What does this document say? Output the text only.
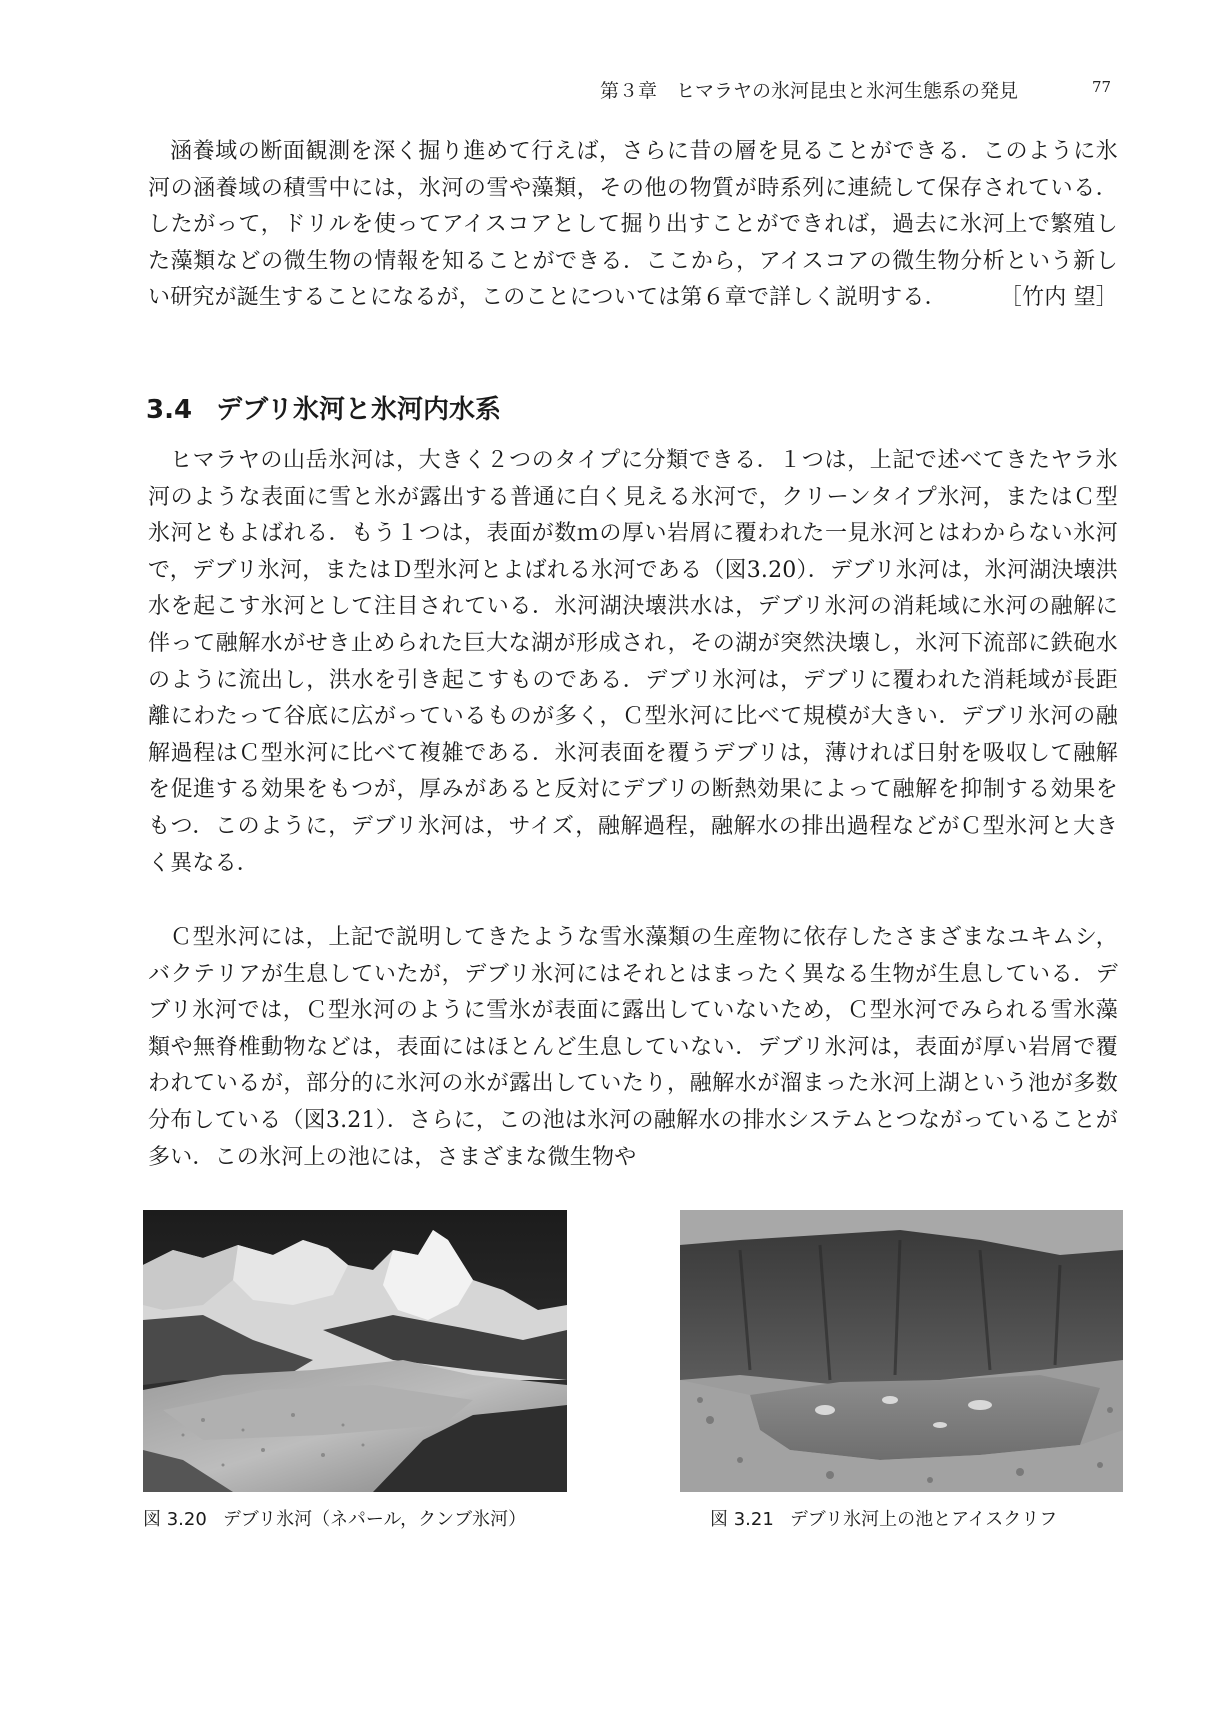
第３章　ヒマラヤの氷河昆虫と氷河生態系の発見	77
涵養域の断面観測を深く掘り進めて行えば，さらに昔の層を見ることができる．このように氷河の涵養域の積雪中には，氷河の雪や藻類，その他の物質が時系列に連続して保存されている．したがって，ドリルを使ってアイスコアとして掘り出すことができれば，過去に氷河上で繁殖した藻類などの微生物の情報を知ることができる．ここから，アイスコアの微生物分析という新しい研究が誕生することになるが，このことについては第６章で詳しく説明する．	［竹内 望］
3.4 デブリ氷河と氷河内水系
ヒマラヤの山岳氷河は，大きく２つのタイプに分類できる．１つは，上記で述べてきたヤラ氷河のような表面に雪と氷が露出する普通に白く見える氷河で，クリーンタイプ氷河，またはＣ型氷河ともよばれる．もう１つは，表面が数ｍの厚い岩屑に覆われた一見氷河とはわからない氷河で，デブリ氷河，またはＤ型氷河とよばれる氷河である（図3.20）．デブリ氷河は，氷河湖決壊洪水を起こす氷河として注目されている．氷河湖決壊洪水は，デブリ氷河の消耗域に氷河の融解に伴って融解水がせき止められた巨大な湖が形成され，その湖が突然決壊し，氷河下流部に鉄砲水のように流出し，洪水を引き起こすものである．デブリ氷河は，デブリに覆われた消耗域が長距離にわたって谷底に広がっているものが多く，Ｃ型氷河に比べて規模が大きい．デブリ氷河の融解過程はＣ型氷河に比べて複雑である．氷河表面を覆うデブリは，薄ければ日射を吸収して融解を促進する効果をもつが，厚みがあると反対にデブリの断熱効果によって融解を抑制する効果をもつ．このように，デブリ氷河は，サイズ，融解過程，融解水の排出過程などがＣ型氷河と大きく異なる．
Ｃ型氷河には，上記で説明してきたような雪氷藻類の生産物に依存したさまざまなユキムシ，バクテリアが生息していたが，デブリ氷河にはそれとはまったく異なる生物が生息している．デブリ氷河では，Ｃ型氷河のように雪氷が表面に露出していないため，Ｃ型氷河でみられる雪氷藻類や無脊椎動物などは，表面にはほとんど生息していない．デブリ氷河は，表面が厚い岩屑で覆われているが，部分的に氷河の氷が露出していたり，融解水が溜まった氷河上湖という池が多数分布している（図3.21）．さらに，この池は氷河の融解水の排水システムとつながっていることが多い．この氷河上の池には，さまざまな微生物や
図 3.20 デブリ氷河（ネパール，クンブ氷河）	図 3.21 デブリ氷河上の池とアイスクリフ
